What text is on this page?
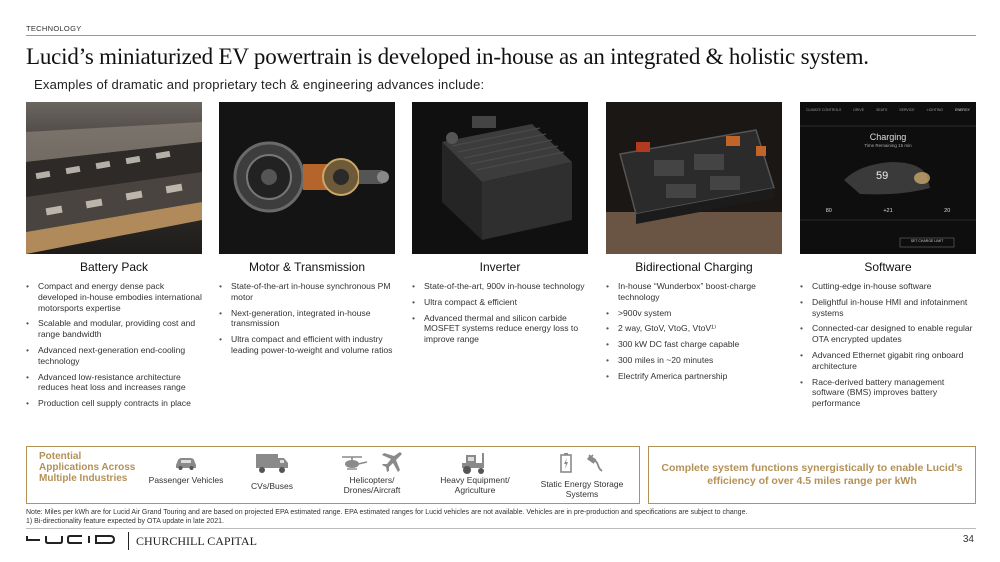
TECHNOLOGY
Lucid’s miniaturized EV powertrain is developed in-house as an integrated & holistic system.
Examples of dramatic and proprietary tech & engineering advances include:
Battery Pack
• Compact and energy dense pack developed in-house embodies international motorsports expertise
• Scalable and modular, providing cost and range bandwidth
• Advanced next-generation end-cooling technology
• Advanced low-resistance architecture reduces heat loss and increases range
• Production cell supply contracts in place
Motor & Transmission
• State-of-the-art in-house synchronous PM motor
• Next-generation, integrated in-house transmission
• Ultra compact and efficient with industry leading power-to-weight and volume ratios
Inverter
• State-of-the-art, 900v in-house technology
• Ultra compact & efficient
• Advanced thermal and silicon carbide MOSFET systems reduce energy loss to improve range
Bidirectional Charging
• In-house “Wunderbox” boost-charge technology
• >900v system
• 2 way, GtoV, VtoG, VtoV¹⁾
• 300 kW DC fast charge capable
• 300 miles in ~20 minutes
• Electrify America partnership
CLIMATE CONTROLS	DRIVE	SEATS	SERVICE	LIGHTING	ENERGY
Charging
Time Remaining 15 min
59
80	+21	20
SET CHARGE LIMIT
Software
• Cutting-edge in-house software
• Delightful in-house HMI and infotainment systems
• Connected-car designed to enable regular OTA encrypted updates
• Advanced Ethernet gigabit ring onboard architecture
• Race-derived battery management software (BMS) improves battery performance
Potential Applications Across Multiple Industries	Passenger Vehicles
CVs/Buses
Helicopters/ Drones/Aircraft
Heavy Equipment/ Agriculture
Static Energy Storage Systems
Complete system functions synergistically to enable Lucid’s efficiency of over 4.5 miles range per kWh
Note: Miles per kWh are for Lucid Air Grand Touring and are based on projected EPA estimated range. EPA estimated ranges for Lucid vehicles are not available. Vehicles are in pre-production and specifications are subject to change.
1) Bi-directionality feature expected by OTA update in late 2021.
CHURCHILL CAPITAL	34
